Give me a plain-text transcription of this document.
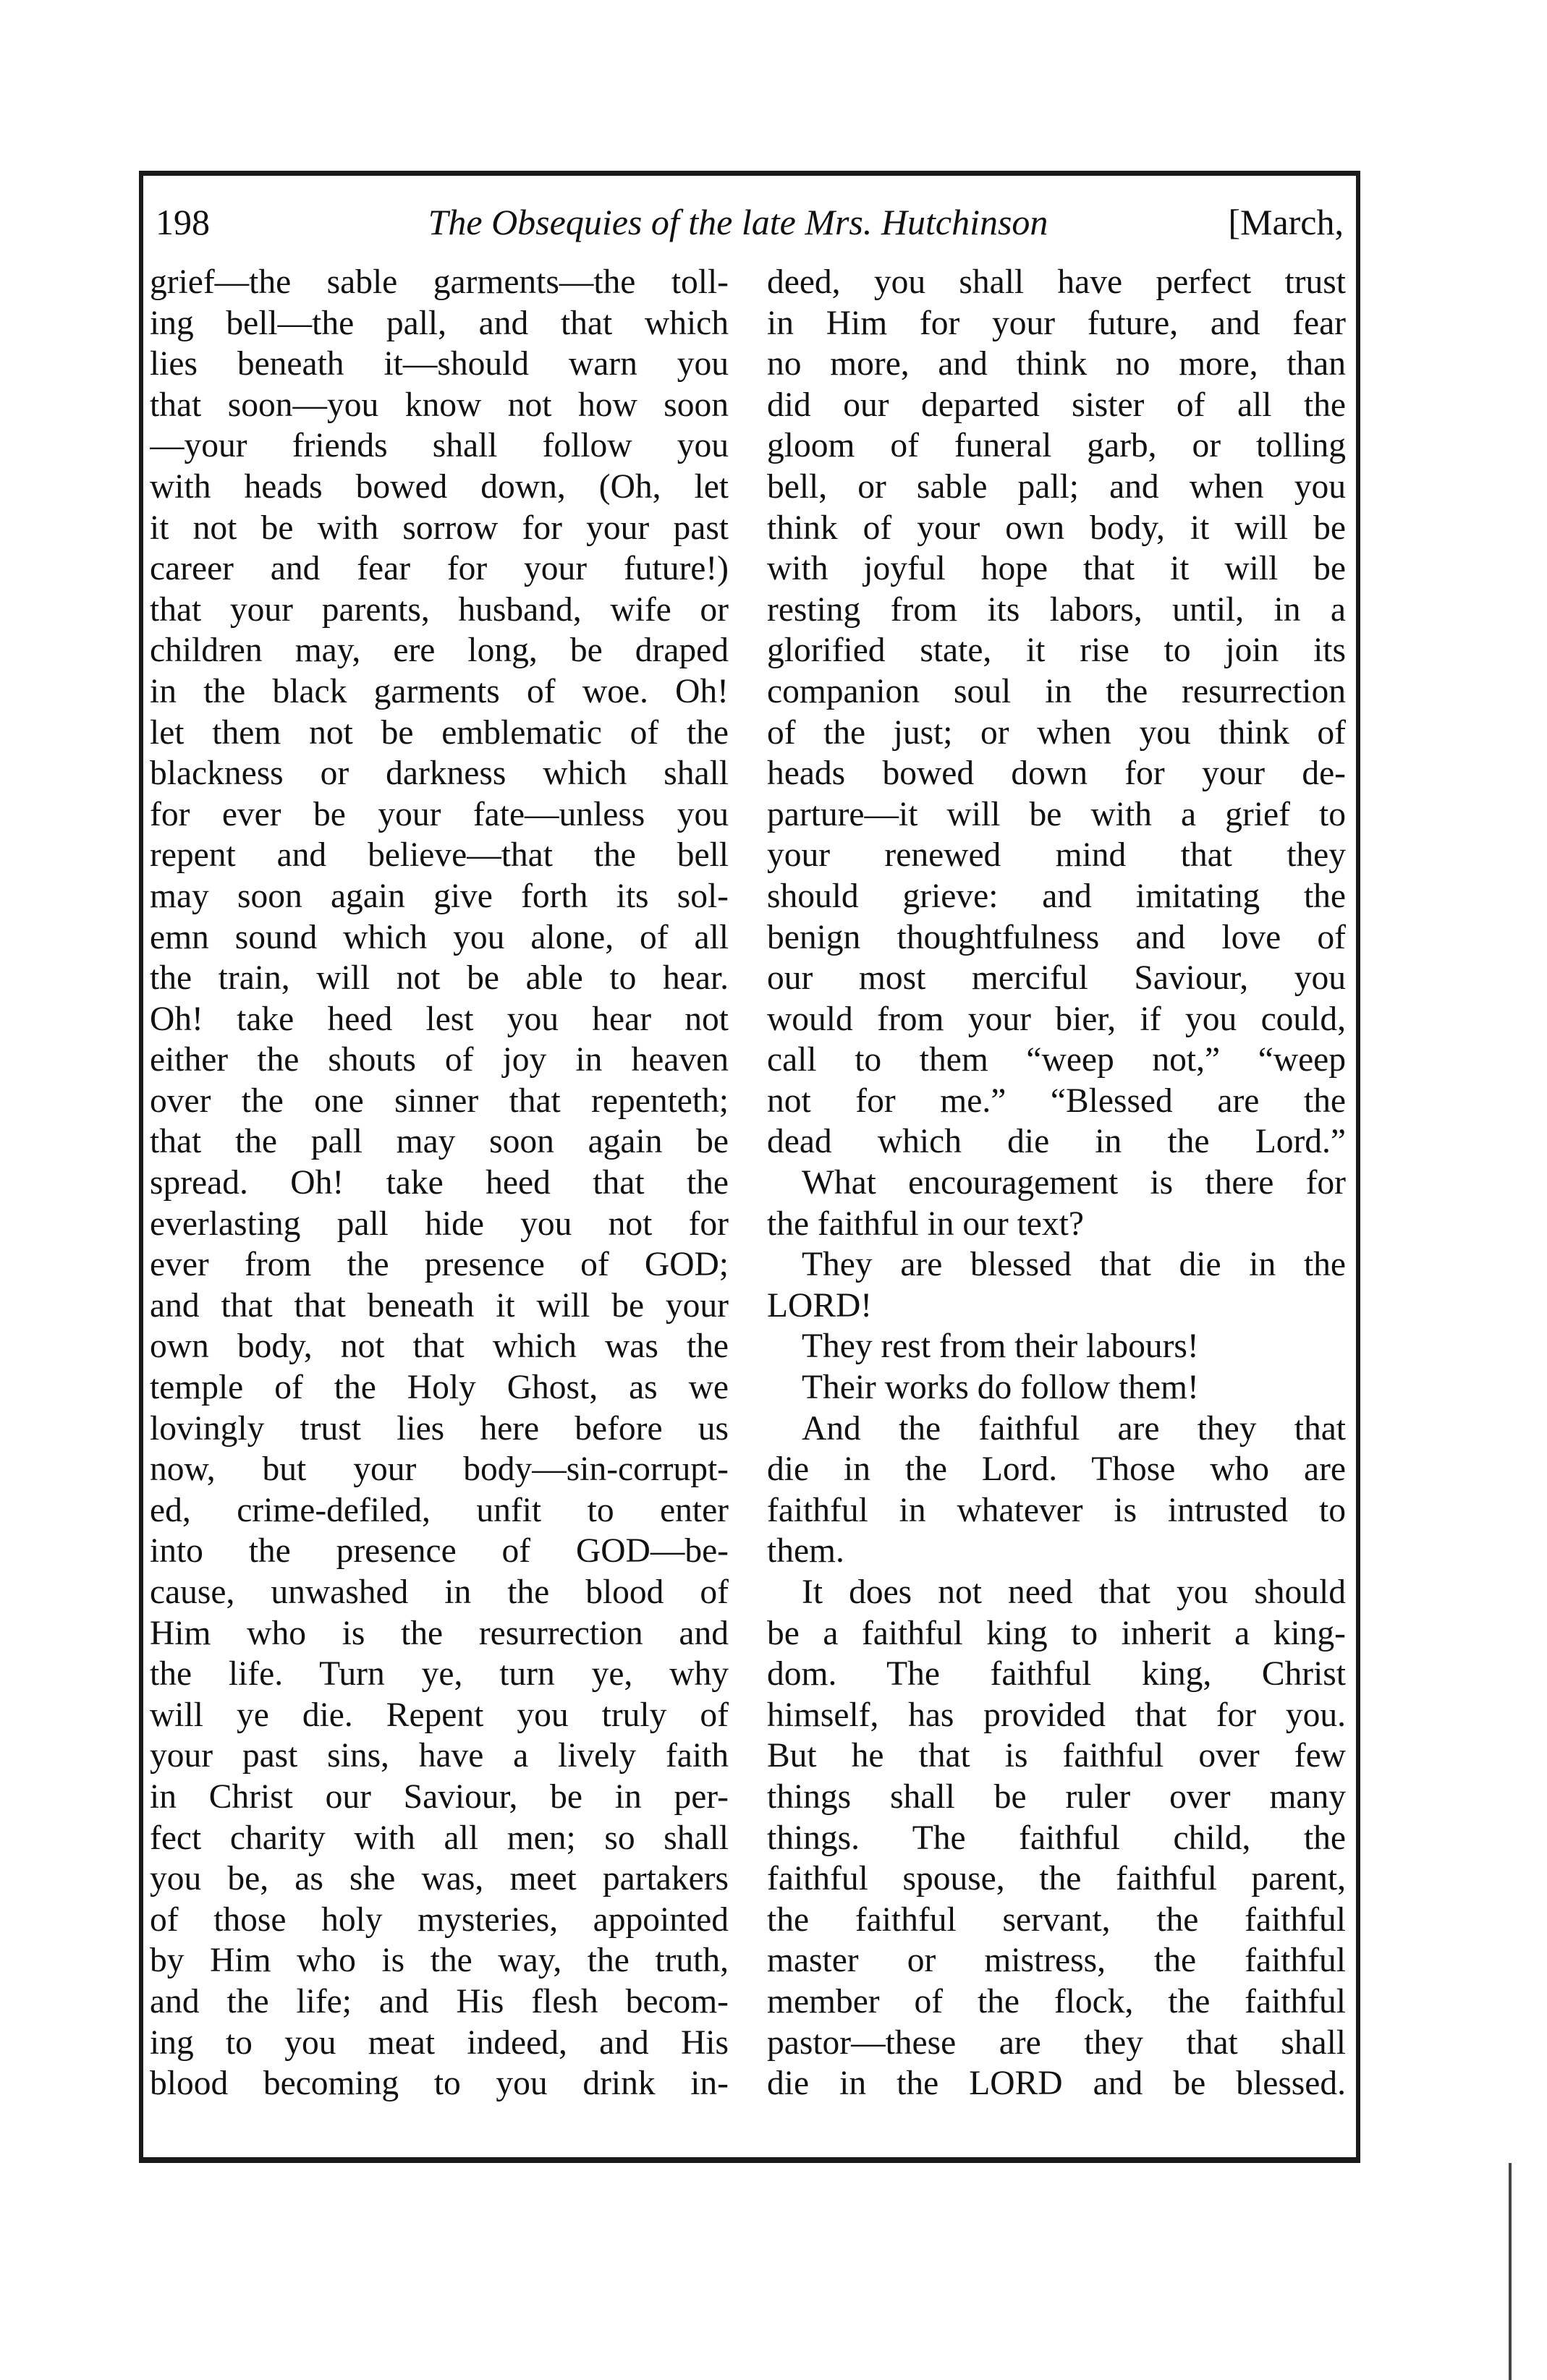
198	The Obsequies of the late Mrs. Hutchinson	[March,
grief—the sable garments—the toll-
ing bell—the pall, and that which
lies beneath it—should warn you
that soon—you know not how soon
—your friends shall follow you
with heads bowed down, (Oh, let
it not be with sorrow for your past
career and fear for your future!)
that your parents, husband, wife or
children may, ere long, be draped
in the black garments of woe. Oh!
let them not be emblematic of the
blackness or darkness which shall
for ever be your fate—unless you
repent and believe—that the bell
may soon again give forth its sol-
emn sound which you alone, of all
the train, will not be able to hear.
Oh! take heed lest you hear not
either the shouts of joy in heaven
over the one sinner that repenteth;
that the pall may soon again be
spread. Oh! take heed that the
everlasting pall hide you not for
ever from the presence of GOD;
and that that beneath it will be your
own body, not that which was the
temple of the Holy Ghost, as we
lovingly trust lies here before us
now, but your body—sin-corrupt-
ed, crime-defiled, unfit to enter
into the presence of GOD—be-
cause, unwashed in the blood of
Him who is the resurrection and
the life. Turn ye, turn ye, why
will ye die. Repent you truly of
your past sins, have a lively faith
in Christ our Saviour, be in per-
fect charity with all men; so shall
you be, as she was, meet partakers
of those holy mysteries, appointed
by Him who is the way, the truth,
and the life; and His flesh becom-
ing to you meat indeed, and His
blood becoming to you drink in-
deed, you shall have perfect trust
in Him for your future, and fear
no more, and think no more, than
did our departed sister of all the
gloom of funeral garb, or tolling
bell, or sable pall; and when you
think of your own body, it will be
with joyful hope that it will be
resting from its labors, until, in a
glorified state, it rise to join its
companion soul in the resurrection
of the just; or when you think of
heads bowed down for your de-
parture—it will be with a grief to
your renewed mind that they
should grieve: and imitating the
benign thoughtfulness and love of
our most merciful Saviour, you
would from your bier, if you could,
call to them “weep not,” “weep
not for me.” “Blessed are the
dead which die in the Lord.”
What encouragement is there for
the faithful in our text?
They are blessed that die in the
LORD!
They rest from their labours!
Their works do follow them!
And the faithful are they that
die in the Lord. Those who are
faithful in whatever is intrusted to
them.
It does not need that you should
be a faithful king to inherit a king-
dom. The faithful king, Christ
himself, has provided that for you.
But he that is faithful over few
things shall be ruler over many
things. The faithful child, the
faithful spouse, the faithful parent,
the faithful servant, the faithful
master or mistress, the faithful
member of the flock, the faithful
pastor—these are they that shall
die in the LORD and be blessed.
